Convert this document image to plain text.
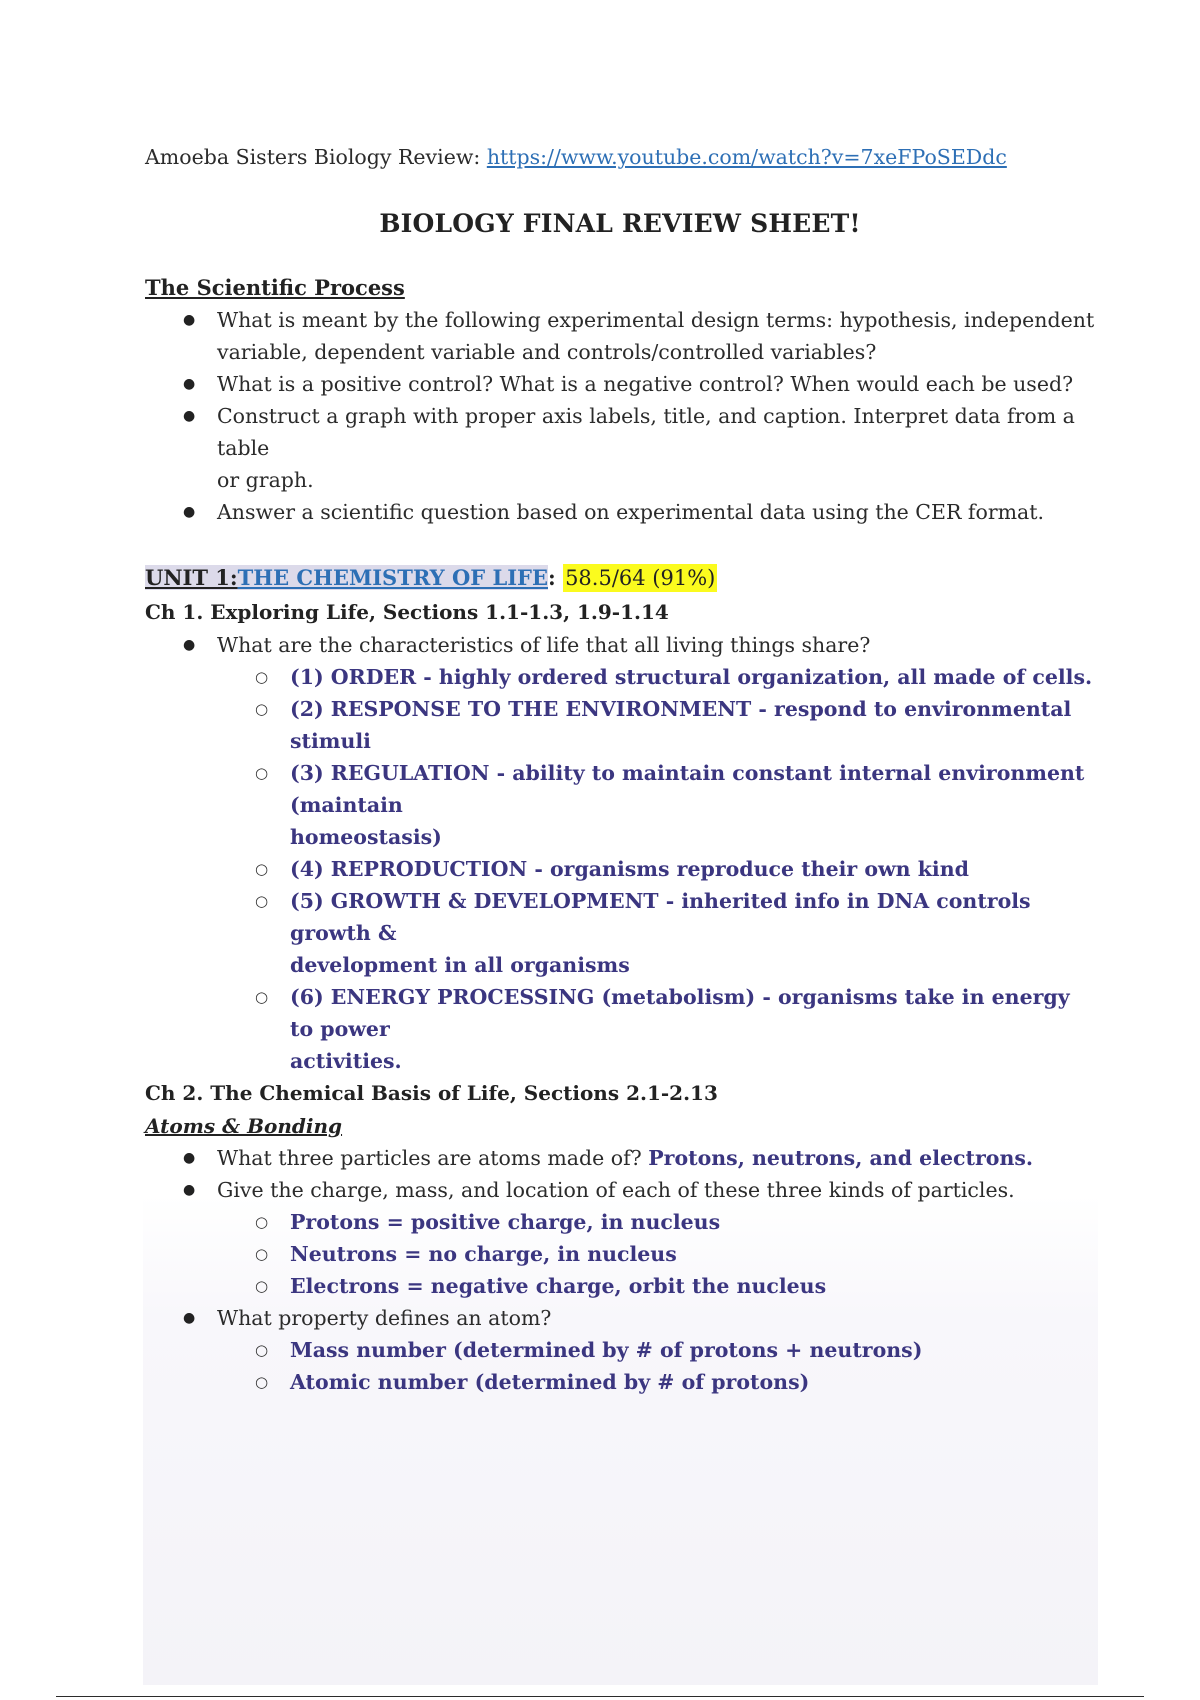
Amoeba Sisters Biology Review: https://www.youtube.com/watch?v=7xeFPoSEDdc
BIOLOGY FINAL REVIEW SHEET!
The Scientific Process
● What is meant by the following experimental design terms: hypothesis, independent
variable, dependent variable and controls/controlled variables?
● What is a positive control? What is a negative control? When would each be used?
● Construct a graph with proper axis labels, title, and caption. Interpret data from a table
or graph.
● Answer a scientific question based on experimental data using the CER format.
UNIT 1:THE CHEMISTRY OF LIFE: 58.5/64 (91%)
Ch 1. Exploring Life, Sections 1.1-1.3, 1.9-1.14
● What are the characteristics of life that all living things share?
○ (1) ORDER - highly ordered structural organization, all made of cells.
○ (2) RESPONSE TO THE ENVIRONMENT - respond to environmental stimuli
○ (3) REGULATION - ability to maintain constant internal environment (maintain
homeostasis)
○ (4) REPRODUCTION - organisms reproduce their own kind
○ (5) GROWTH & DEVELOPMENT - inherited info in DNA controls growth &
development in all organisms
○ (6) ENERGY PROCESSING (metabolism) - organisms take in energy to power
activities.
Ch 2. The Chemical Basis of Life, Sections 2.1-2.13
Atoms & Bonding
● What three particles are atoms made of? Protons, neutrons, and electrons.
● Give the charge, mass, and location of each of these three kinds of particles.
○ Protons = positive charge, in nucleus
○ Neutrons = no charge, in nucleus
○ Electrons = negative charge, orbit the nucleus
● What property defines an atom?
○ Mass number (determined by # of protons + neutrons)
○ Atomic number (determined by # of protons)
